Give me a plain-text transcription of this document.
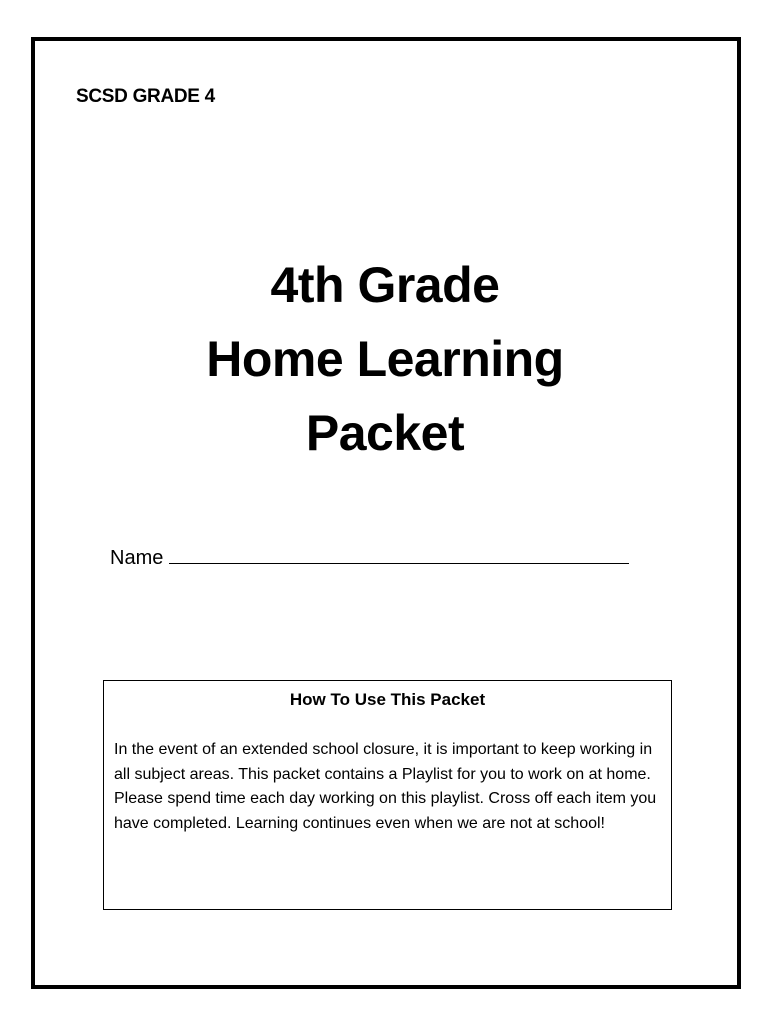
SCSD GRADE 4
4th Grade
Home Learning
Packet
Name
How To Use This Packet
In the event of an extended school closure, it is important to keep working in all subject areas. This packet contains a Playlist for you to work on at home. Please spend time each day working on this playlist. Cross off each item you have completed. Learning continues even when we are not at school!
